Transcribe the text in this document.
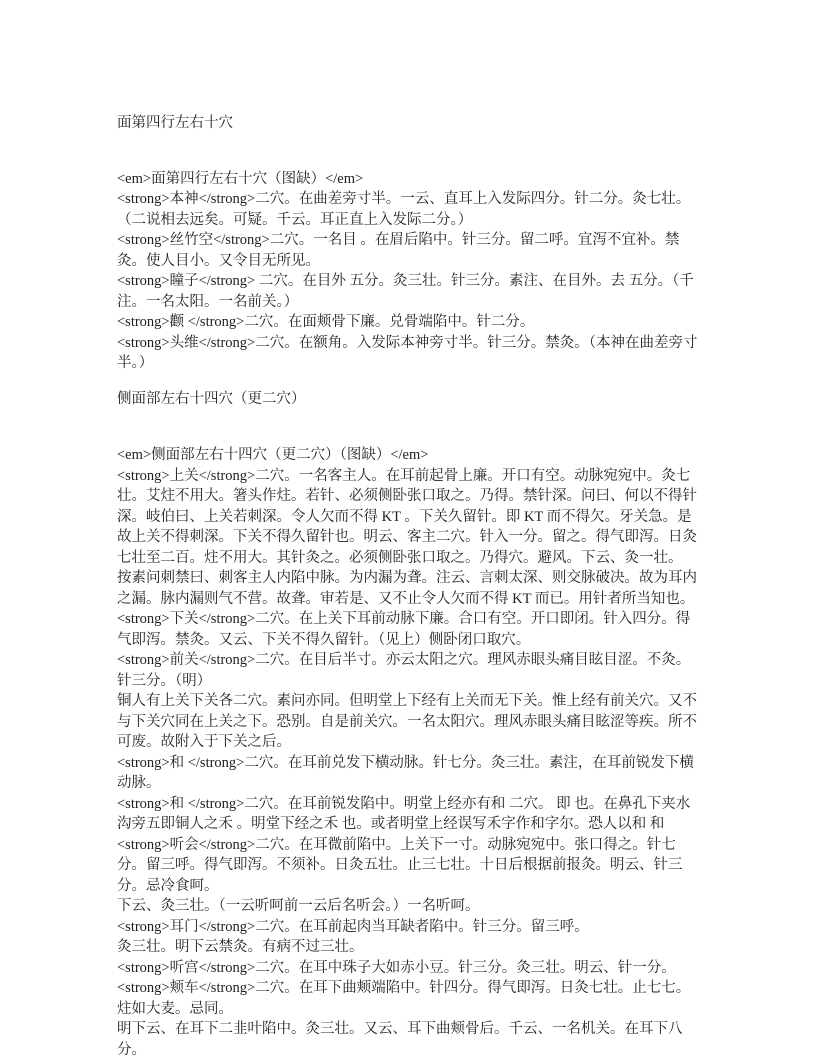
面第四行左右十穴

<em>面第四行左右十穴（图缺）</em>

<strong>本神</strong>二穴。在曲差旁寸半。一云、直耳上入发际四分。针二分。灸七壮。（二说相去远矣。可疑。千云。耳正直上入发际二分。）

<strong>丝竹空</strong>二穴。一名目 。在眉后陷中。针三分。留二呼。宜泻不宜补。禁灸。使人目小。又令目无所见。

<strong>瞳子</strong> 二穴。在目外 五分。灸三壮。针三分。素注、在目外。去 五分。（千注。一名太阳。一名前关。）

<strong>颧 </strong>二穴。在面颊骨下廉。兑骨端陷中。针二分。

<strong>头维</strong>二穴。在额角。入发际本神旁寸半。针三分。禁灸。（本神在曲差旁寸半。）

侧面部左右十四穴（更二穴）

<em>侧面部左右十四穴（更二穴）（图缺）</em>

<strong>上关</strong>二穴。一名客主人。在耳前起骨上廉。开口有空。动脉宛宛中。灸七壮。艾炷不用大。箸头作炷。若针、必须侧卧张口取之。乃得。禁针深。问曰、何以不得针深。岐伯曰、上关若刺深。令人欠而不得 KT 。下关久留针。即 KT 而不得欠。牙关急。是故上关不得刺深。下关不得久留针也。明云、客主二穴。针入一分。留之。得气即泻。日灸七壮至二百。炷不用大。其针灸之。必须侧卧张口取之。乃得穴。避风。下云、灸一壮。

按素问刺禁曰、刺客主人内陷中脉。为内漏为聋。注云、言刺太深、则交脉破决。故为耳内之漏。脉内漏则气不营。故聋。审若是、又不止令人欠而不得 KT 而已。用针者所当知也。

<strong>下关</strong>二穴。在上关下耳前动脉下廉。合口有空。开口即闭。针入四分。得气即泻。禁灸。又云、下关不得久留针。（见上）侧卧闭口取穴。

<strong>前关</strong>二穴。在目后半寸。亦云太阳之穴。理风赤眼头痛目眩目涩。不灸。针三分。（明）

铜人有上关下关各二穴。素问亦同。但明堂上下经有上关而无下关。惟上经有前关穴。又不与下关穴同在上关之下。恐别。自是前关穴。一名太阳穴。理风赤眼头痛目眩涩等疾。所不可废。故附入于下关之后。

<strong>和 </strong>二穴。在耳前兑发下横动脉。针七分。灸三壮。素注，在耳前锐发下横动脉。

<strong>和 </strong>二穴。在耳前锐发陷中。明堂上经亦有和 二穴。 即 也。在鼻孔下夹水沟旁五即铜人之禾 。明堂下经之禾 也。或者明堂上经误写禾字作和字尔。恐人以和 和

<strong>听会</strong>二穴。在耳微前陷中。上关下一寸。动脉宛宛中。张口得之。针七分。留三呼。得气即泻。不须补。日灸五壮。止三七壮。十日后根据前报灸。明云、针三分。忌冷食呵。

下云、灸三壮。（一云听呵前一云后名听会。）一名听呵。

<strong>耳门</strong>二穴。在耳前起肉当耳缺者陷中。针三分。留三呼。

灸三壮。明下云禁灸。有病不过三壮。

<strong>听宫</strong>二穴。在耳中珠子大如赤小豆。针三分。灸三壮。明云、针一分。

<strong>颊车</strong>二穴。在耳下曲颊端陷中。针四分。得气即泻。日灸七壮。止七七。炷如大麦。忌同。

明下云、在耳下二韭叶陷中。灸三壮。又云、耳下曲颊骨后。千云、一名机关。在耳下八分。
